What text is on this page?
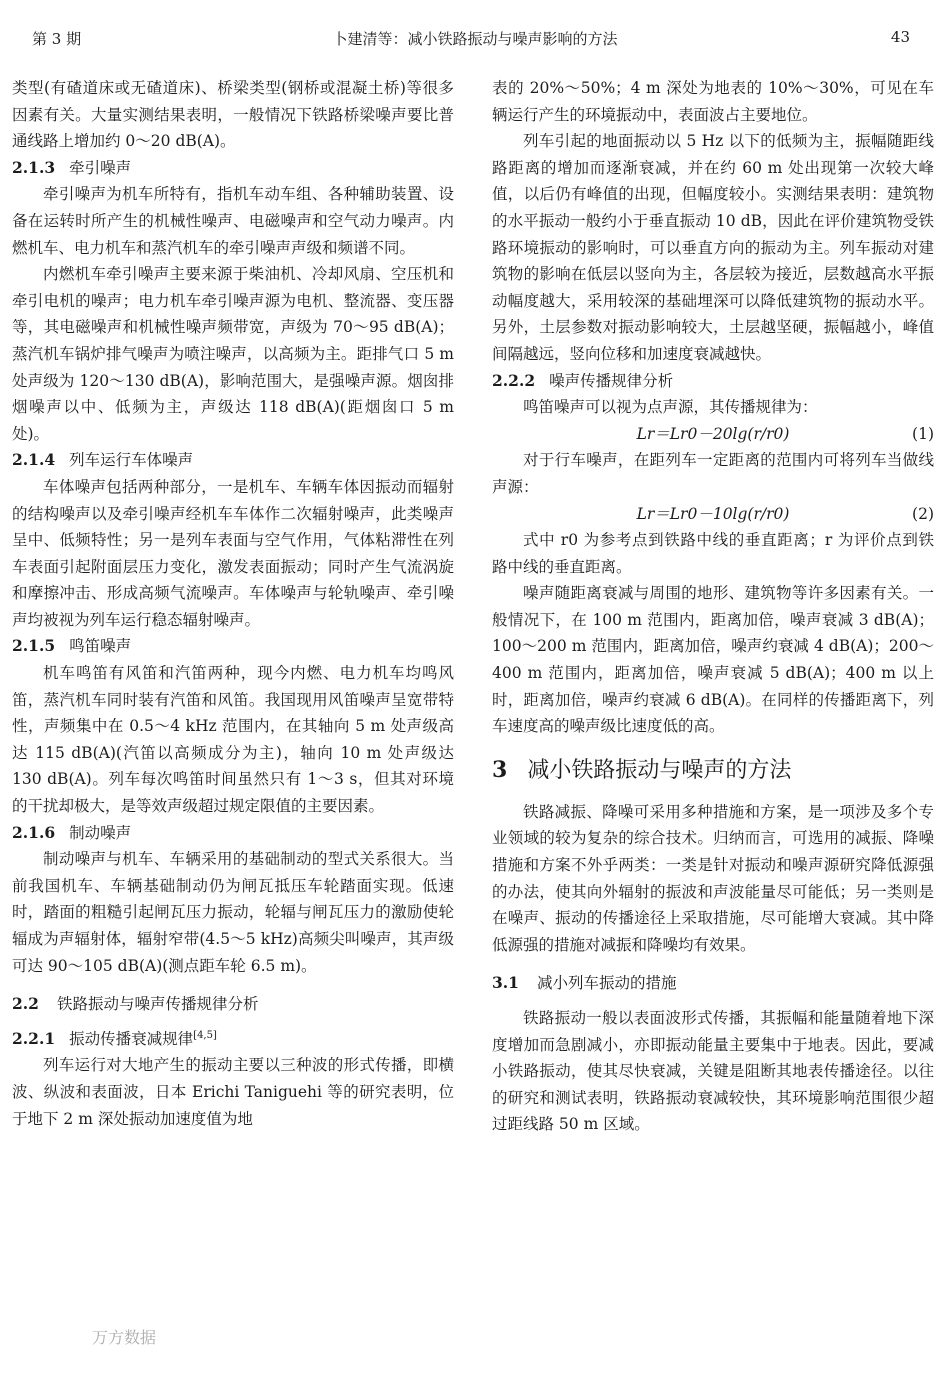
第 3 期	卜建清等：减小铁路振动与噪声影响的方法	43

类型(有碴道床或无碴道床)、桥梁类型(钢桥或混凝土桥)等很多因素有关。大量实测结果表明，一般情况下铁路桥梁噪声要比普通线路上增加约 0～20 dB(A)。

2.1.3 牵引噪声

牵引噪声为机车所特有，指机车动车组、各种辅助装置、设备在运转时所产生的机械性噪声、电磁噪声和空气动力噪声。内燃机车、电力机车和蒸汽机车的牵引噪声声级和频谱不同。

内燃机车牵引噪声主要来源于柴油机、冷却风扇、空压机和牵引电机的噪声；电力机车牵引噪声源为电机、整流器、变压器等，其电磁噪声和机械性噪声频带宽，声级为 70～95 dB(A)；蒸汽机车锅炉排气噪声为喷注噪声，以高频为主。距排气口 5 m 处声级为 120～130 dB(A)，影响范围大，是强噪声源。烟囱排烟噪声以中、低频为主，声级达 118 dB(A)(距烟囱口 5 m 处)。

2.1.4 列车运行车体噪声

车体噪声包括两种部分，一是机车、车辆车体因振动而辐射的结构噪声以及牵引噪声经机车车体作二次辐射噪声，此类噪声呈中、低频特性；另一是列车表面与空气作用，气体粘滞性在列车表面引起附面层压力变化，激发表面振动；同时产生气流涡旋和摩擦冲击、形成高频气流噪声。车体噪声与轮轨噪声、牵引噪声均被视为列车运行稳态辐射噪声。

2.1.5 鸣笛噪声

机车鸣笛有风笛和汽笛两种，现今内燃、电力机车均鸣风笛，蒸汽机车同时装有汽笛和风笛。我国现用风笛噪声呈宽带特性，声频集中在 0.5～4 kHz 范围内，在其轴向 5 m 处声级高达 115 dB(A)(汽笛以高频成分为主)，轴向 10 m 处声级达 130 dB(A)。列车每次鸣笛时间虽然只有 1～3 s，但其对环境的干扰却极大，是等效声级超过规定限值的主要因素。

2.1.6 制动噪声

制动噪声与机车、车辆采用的基础制动的型式关系很大。当前我国机车、车辆基础制动仍为闸瓦抵压车轮踏面实现。低速时，踏面的粗糙引起闸瓦压力振动，轮辐与闸瓦压力的激励使轮辐成为声辐射体，辐射窄带(4.5～5 kHz)高频尖叫噪声，其声级可达 90～105 dB(A)(测点距车轮 6.5 m)。

2.2 铁路振动与噪声传播规律分析
2.2.1 振动传播衰减规律[4,5]

列车运行对大地产生的振动主要以三种波的形式传播，即横波、纵波和表面波，日本 Erichi Taniguehi 等的研究表明，位于地下 2 m 深处振动加速度值为地

表的 20%～50%；4 m 深处为地表的 10%～30%，可见在车辆运行产生的环境振动中，表面波占主要地位。

列车引起的地面振动以 5 Hz 以下的低频为主，振幅随距线路距离的增加而逐渐衰减，并在约 60 m 处出现第一次较大峰值，以后仍有峰值的出现，但幅度较小。实测结果表明：建筑物的水平振动一般约小于垂直振动 10 dB，因此在评价建筑物受铁路环境振动的影响时，可以垂直方向的振动为主。列车振动对建筑物的影响在低层以竖向为主，各层较为接近，层数越高水平振动幅度越大，采用较深的基础埋深可以降低建筑物的振动水平。另外，土层参数对振动影响较大，土层越坚硬，振幅越小，峰值间隔越远，竖向位移和加速度衰减越快。

2.2.2 噪声传播规律分析

鸣笛噪声可以视为点声源，其传播规律为：

Lr＝Lr0－20lg(r/r0)	(1)

对于行车噪声，在距列车一定距离的范围内可将列车当做线声源：

Lr＝Lr0－10lg(r/r0)	(2)

式中 r0 为参考点到铁路中线的垂直距离；r 为评价点到铁路中线的垂直距离。

噪声随距离衰减与周围的地形、建筑物等许多因素有关。一般情况下，在 100 m 范围内，距离加倍，噪声衰减 3 dB(A)；100～200 m 范围内，距离加倍，噪声约衰减 4 dB(A)；200～400 m 范围内，距离加倍，噪声衰减 5 dB(A)；400 m 以上时，距离加倍，噪声约衰减 6 dB(A)。在同样的传播距离下，列车速度高的噪声级比速度低的高。

3 减小铁路振动与噪声的方法

铁路减振、降噪可采用多种措施和方案，是一项涉及多个专业领域的较为复杂的综合技术。归纳而言，可选用的减振、降噪措施和方案不外乎两类：一类是针对振动和噪声源研究降低源强的办法，使其向外辐射的振波和声波能量尽可能低；另一类则是在噪声、振动的传播途径上采取措施，尽可能增大衰减。其中降低源强的措施对减振和降噪均有效果。

3.1 减小列车振动的措施

铁路振动一般以表面波形式传播，其振幅和能量随着地下深度增加而急剧减小，亦即振动能量主要集中于地表。因此，要减小铁路振动，使其尽快衰减，关键是阻断其地表传播途径。以往的研究和测试表明，铁路振动衰减较快，其环境影响范围很少超过距线路 50 m 区域。

万方数据
